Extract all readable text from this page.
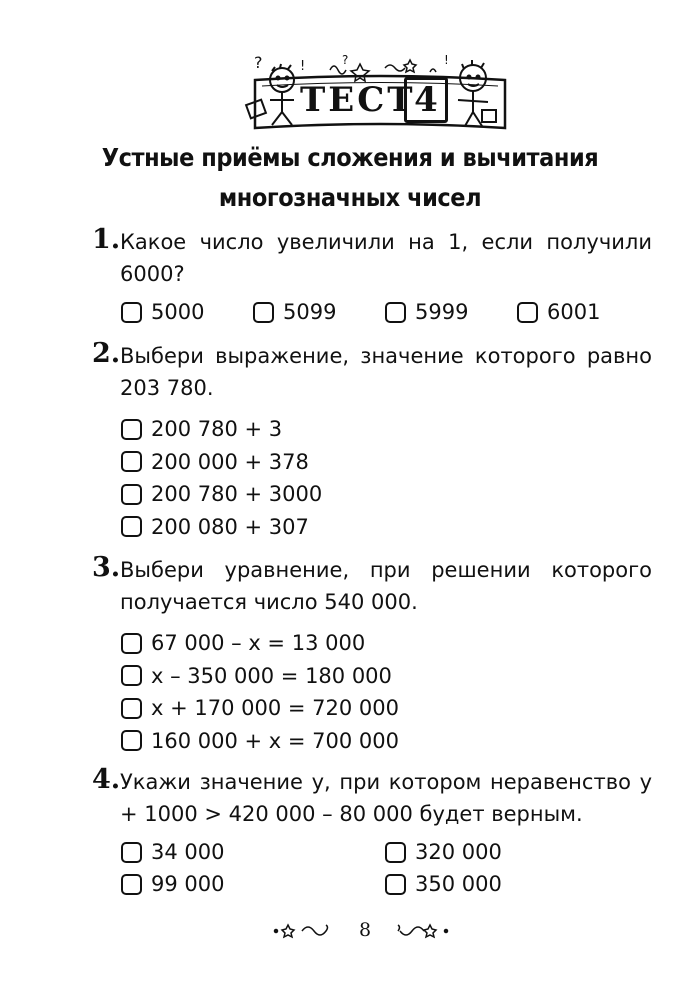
?	!	?	!
ТЕСТ
4
Устные приёмы сложения и вычитания
многозначных чисел
1. Какое число увеличили на 1, если получили 6000?
5000	5099	5999	6001
2. Выбери выражение, значение которого равно 203 780.
200 780 + 3
200 000 + 378
200 780 + 3000
200 080 + 307
3. Выбери уравнение, при решении которого получается число 540 000.
67 000 – x = 13 000
x – 350 000 = 180 000
x + 170 000 = 720 000
160 000 + x = 700 000
4. Укажи значение y, при котором неравенство y + 1000 > 420 000 – 80 000 будет верным.
34 000	320 000
99 000	350 000
8
